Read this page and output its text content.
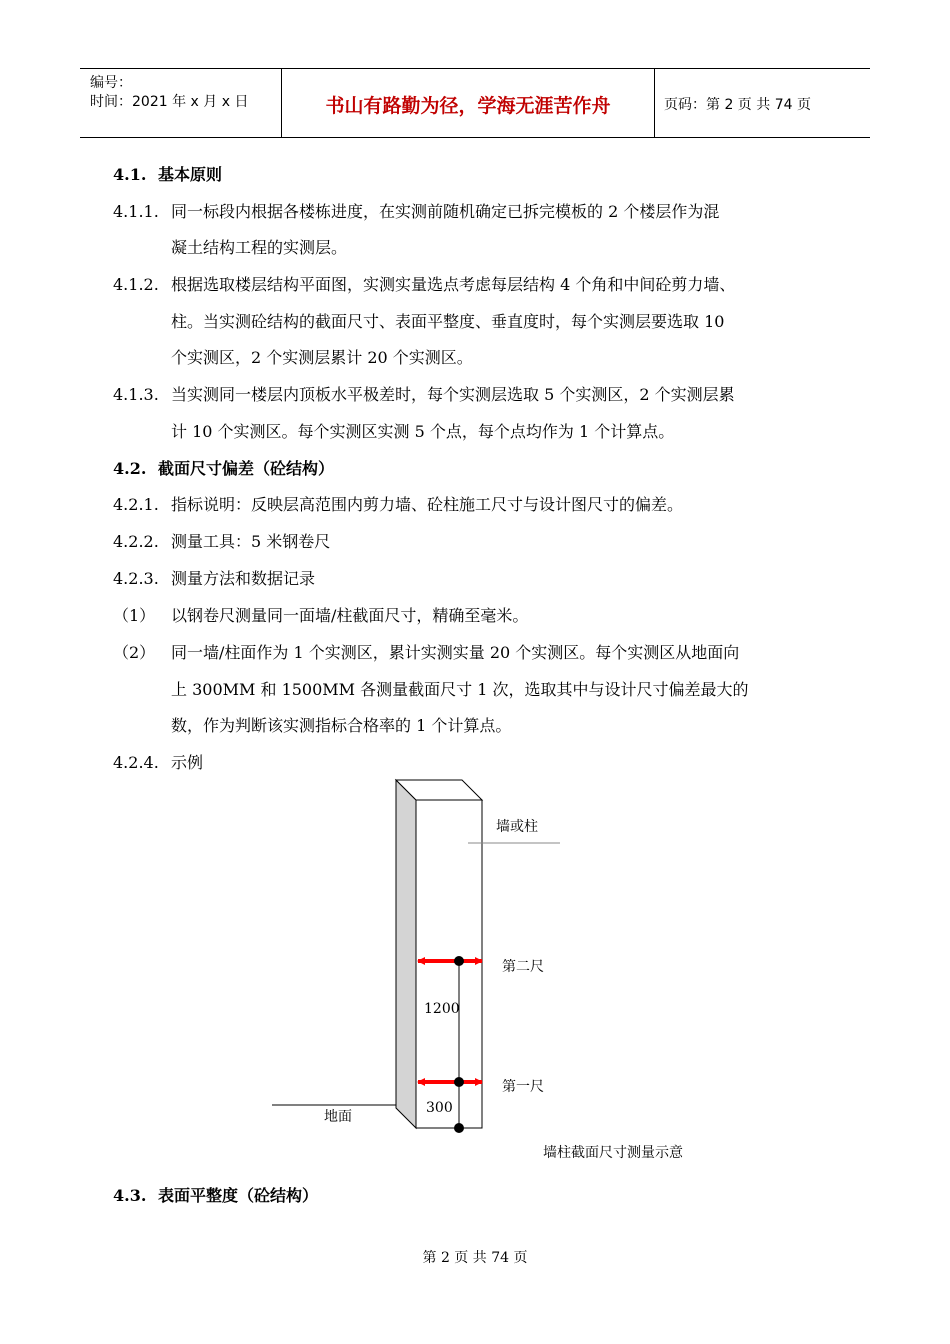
编号：
时间：2021 年 x 月 x 日	书山有路勤为径，学海无涯苦作舟	页码：第 2 页 共 74 页
4.1. 基本原则
4.1.1. 同一标段内根据各楼栋进度，在实测前随机确定已拆完模板的 2 个楼层作为混
凝土结构工程的实测层。
4.1.2. 根据选取楼层结构平面图，实测实量选点考虑每层结构 4 个角和中间砼剪力墙、
柱。当实测砼结构的截面尺寸、表面平整度、垂直度时，每个实测层要选取 10
个实测区，2 个实测层累计 20 个实测区。
4.1.3. 当实测同一楼层内顶板水平极差时，每个实测层选取 5 个实测区，2 个实测层累
计 10 个实测区。每个实测区实测 5 个点，每个点均作为 1 个计算点。
4.2. 截面尺寸偏差（砼结构）
4.2.1. 指标说明：反映层高范围内剪力墙、砼柱施工尺寸与设计图尺寸的偏差。
4.2.2. 测量工具：5 米钢卷尺
4.2.3. 测量方法和数据记录
（1） 以钢卷尺测量同一面墙/柱截面尺寸，精确至毫米。
（2） 同一墙/柱面作为 1 个实测区，累计实测实量 20 个实测区。每个实测区从地面向
上 300MM 和 1500MM 各测量截面尺寸 1 次，选取其中与设计尺寸偏差最大的
数，作为判断该实测指标合格率的 1 个计算点。
4.2.4. 示例
墙或柱
第二尺
1200
第一尺
300
地面
墙柱截面尺寸测量示意
4.3. 表面平整度（砼结构）
第 2 页 共 74 页
